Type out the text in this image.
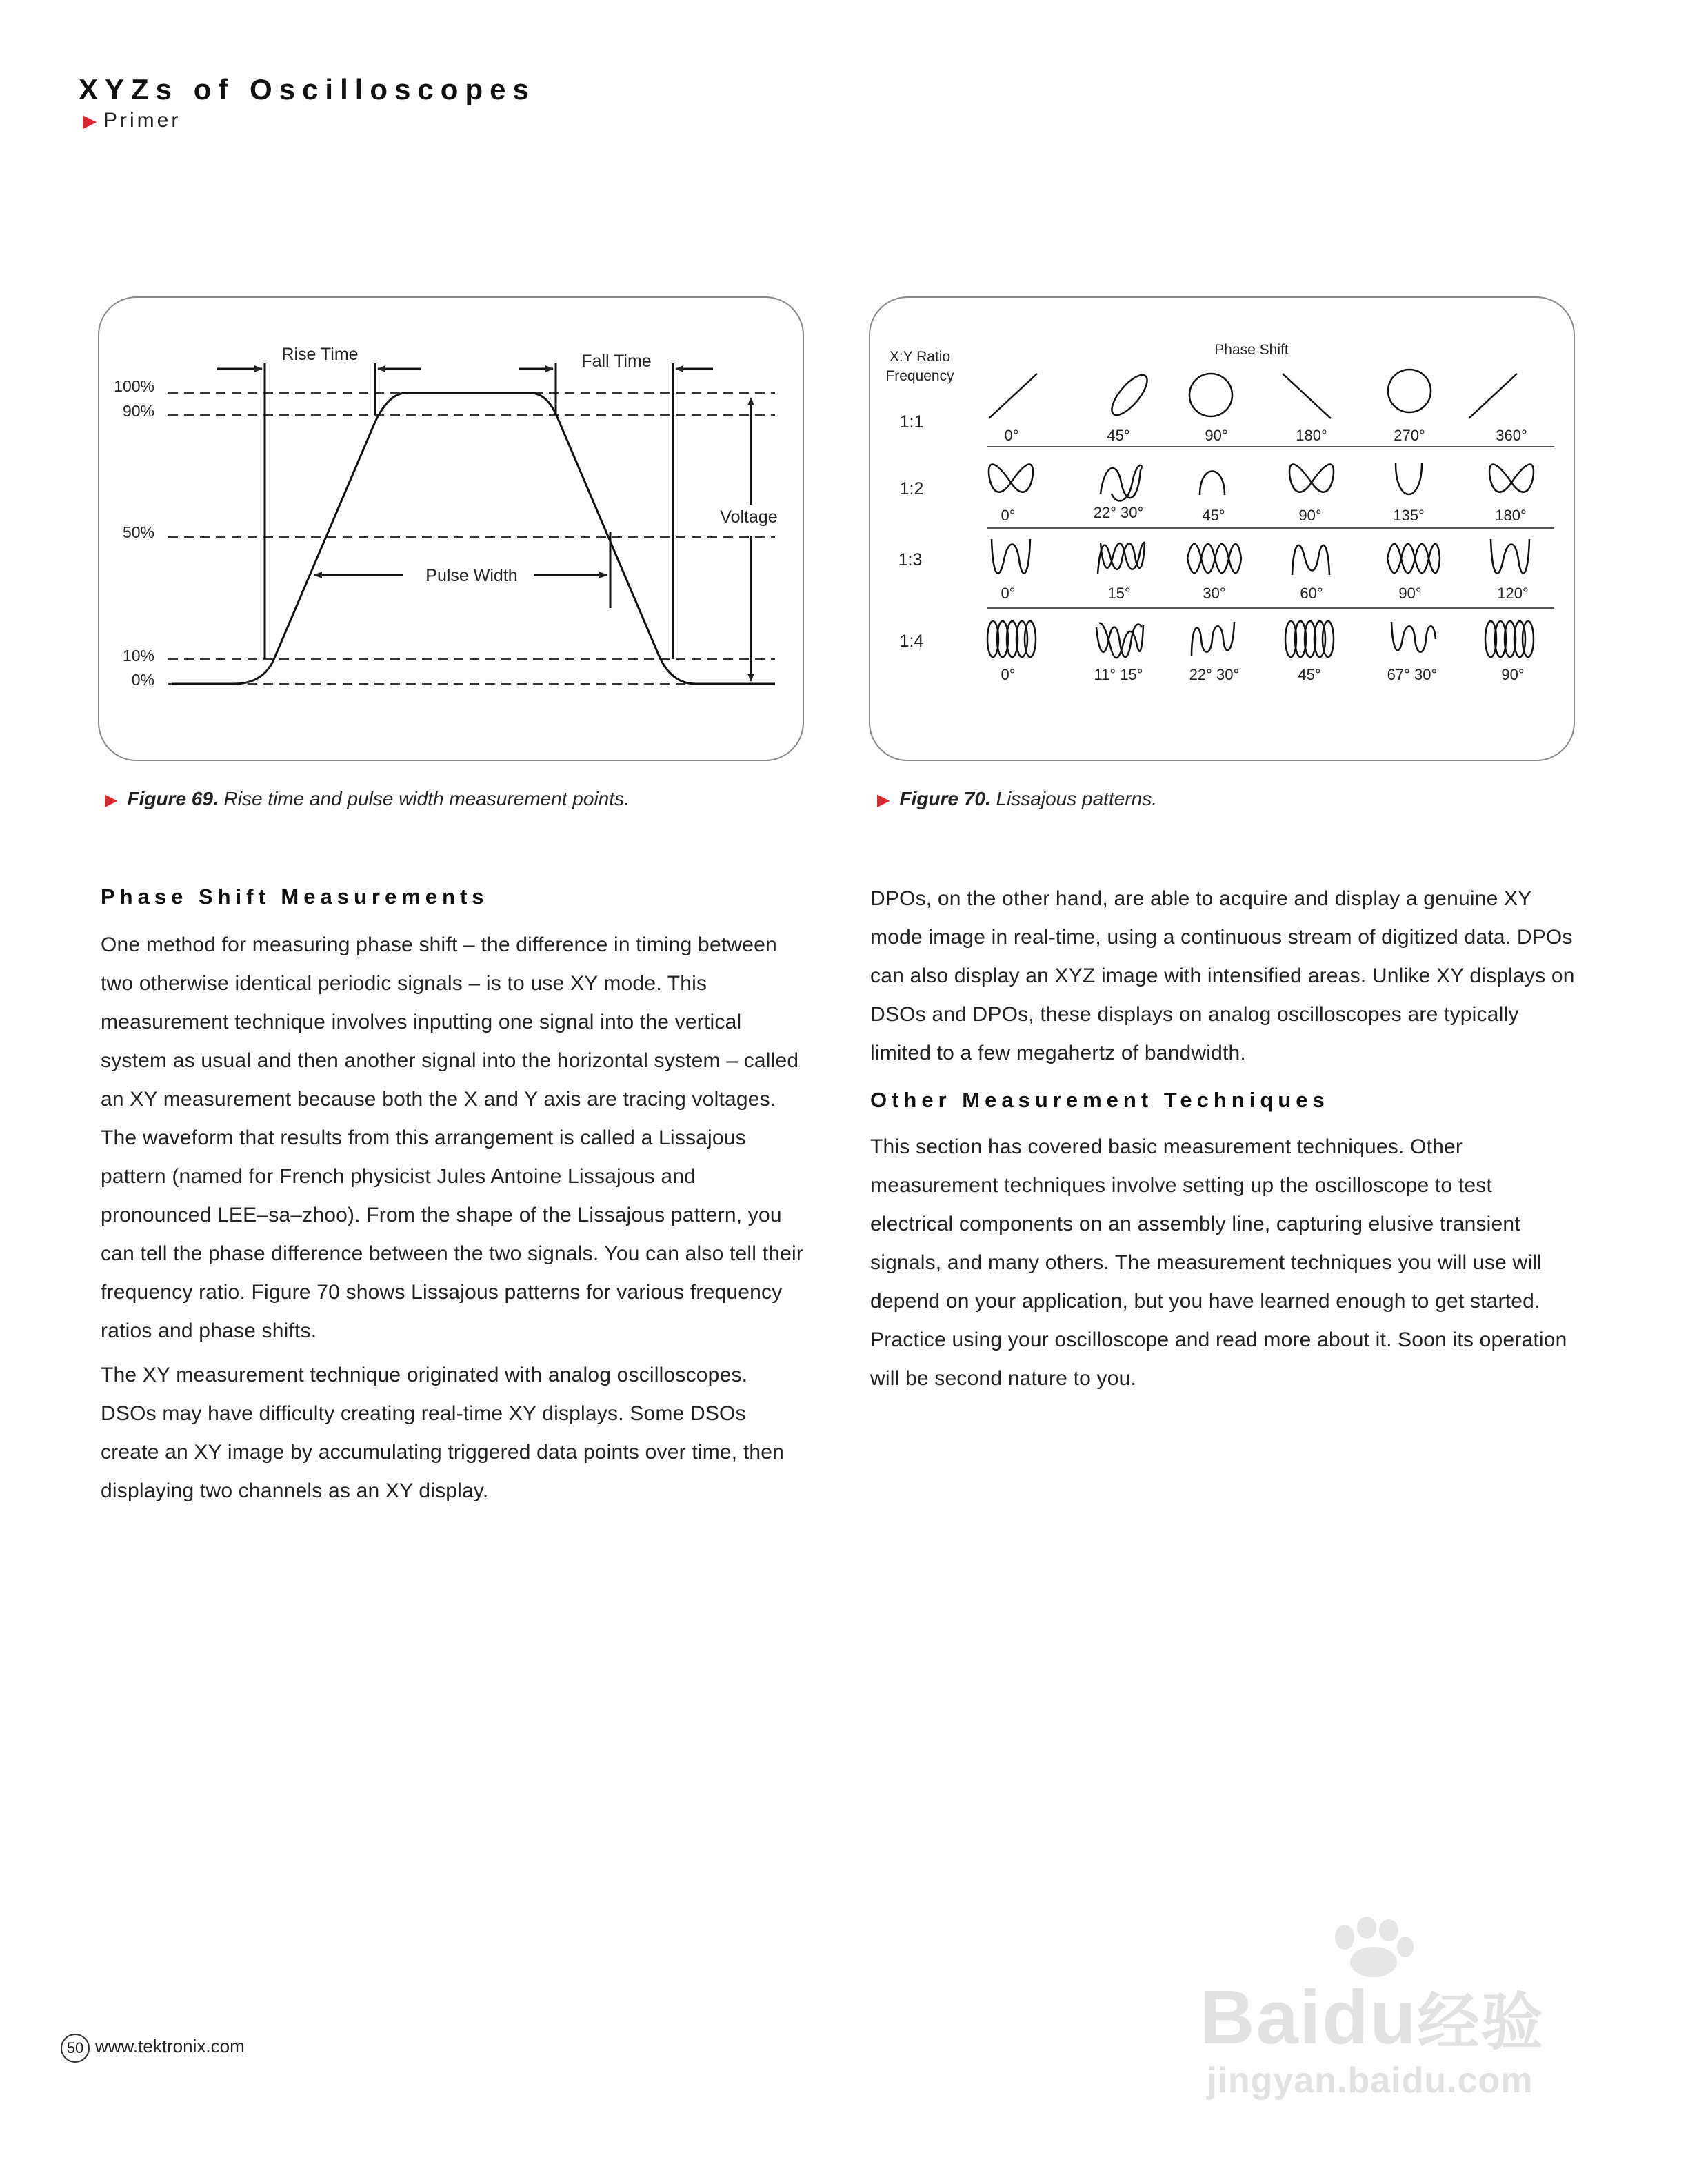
XYZs of Oscilloscopes
▶ Primer
100%
90%
50%
10%
0%
Rise Time	Fall Time
Pulse Width
Voltage
▶ Figure 69. Rise time and pulse width measurement points.
X:Y Ratio
Frequency
Phase Shift
1:1
0°	45°	90°	180°	270°	360°
1:2
0°	22° 30°	45°	90°	135°	180°
1:3
0°	15°	30°	60°	90°	120°
1:4
0°	11° 15°	22° 30°	45°	67° 30°	90°
▶ Figure 70. Lissajous patterns.
Phase Shift Measurements

One method for measuring phase shift – the difference in timing between two otherwise identical periodic signals – is to use XY mode. This measurement technique involves inputting one signal into the vertical system as usual and then another signal into the horizontal system – called an XY measurement because both the X and Y axis are tracing voltages. The waveform that results from this arrangement is called a Lissajous pattern (named for French physicist Jules Antoine Lissajous and pronounced LEE–sa–zhoo). From the shape of the Lissajous pattern, you can tell the phase difference between the two signals. You can also tell their frequency ratio. Figure 70 shows Lissajous patterns for various frequency ratios and phase shifts.

The XY measurement technique originated with analog oscilloscopes. DSOs may have difficulty creating real-time XY displays. Some DSOs create an XY image by accumulating triggered data points over time, then displaying two channels as an XY display.

DPOs, on the other hand, are able to acquire and display a genuine XY mode image in real-time, using a continuous stream of digitized data. DPOs can also display an XYZ image with intensified areas. Unlike XY displays on DSOs and DPOs, these displays on analog oscilloscopes are typically limited to a few megahertz of bandwidth.

Other Measurement Techniques

This section has covered basic measurement techniques. Other measurement techniques involve setting up the oscilloscope to test electrical components on an assembly line, capturing elusive transient signals, and many others. The measurement techniques you will use will depend on your application, but you have learned enough to get started. Practice using your oscilloscope and read more about it. Soon its operation will be second nature to you.

50 www.tektronix.com	Baidu经验
jingyan.baidu.com
